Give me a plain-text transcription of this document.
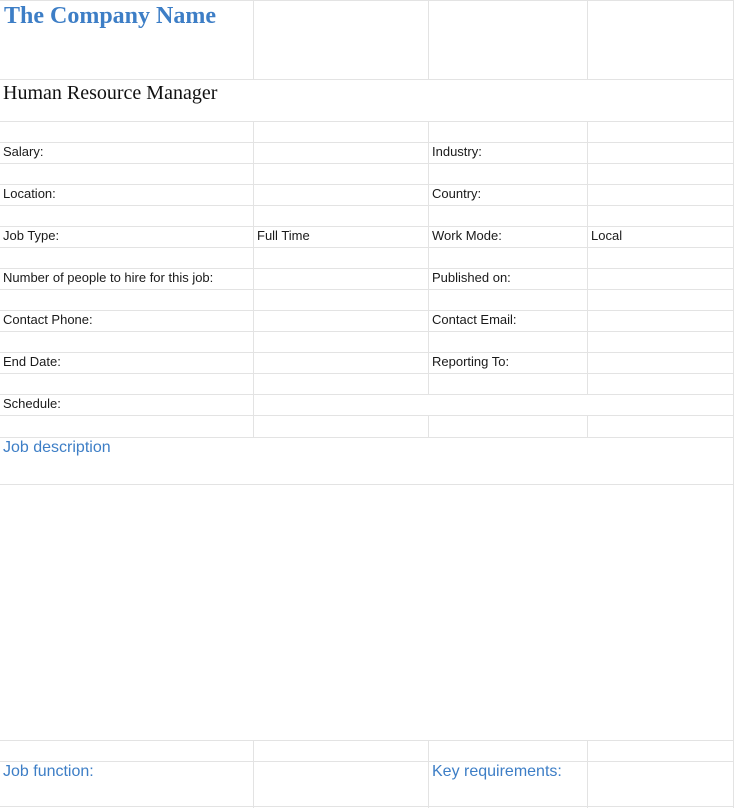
The Company Name
Human Resource Manager
Salary:	Industry:
Location:	Country:
Job Type:	Full Time	Work Mode:	Local
Number of people to hire for this job:	Published on:
Contact Phone:	Contact Email:
End Date:	Reporting To:
Schedule:
Job description
Job function:	Key requirements:
